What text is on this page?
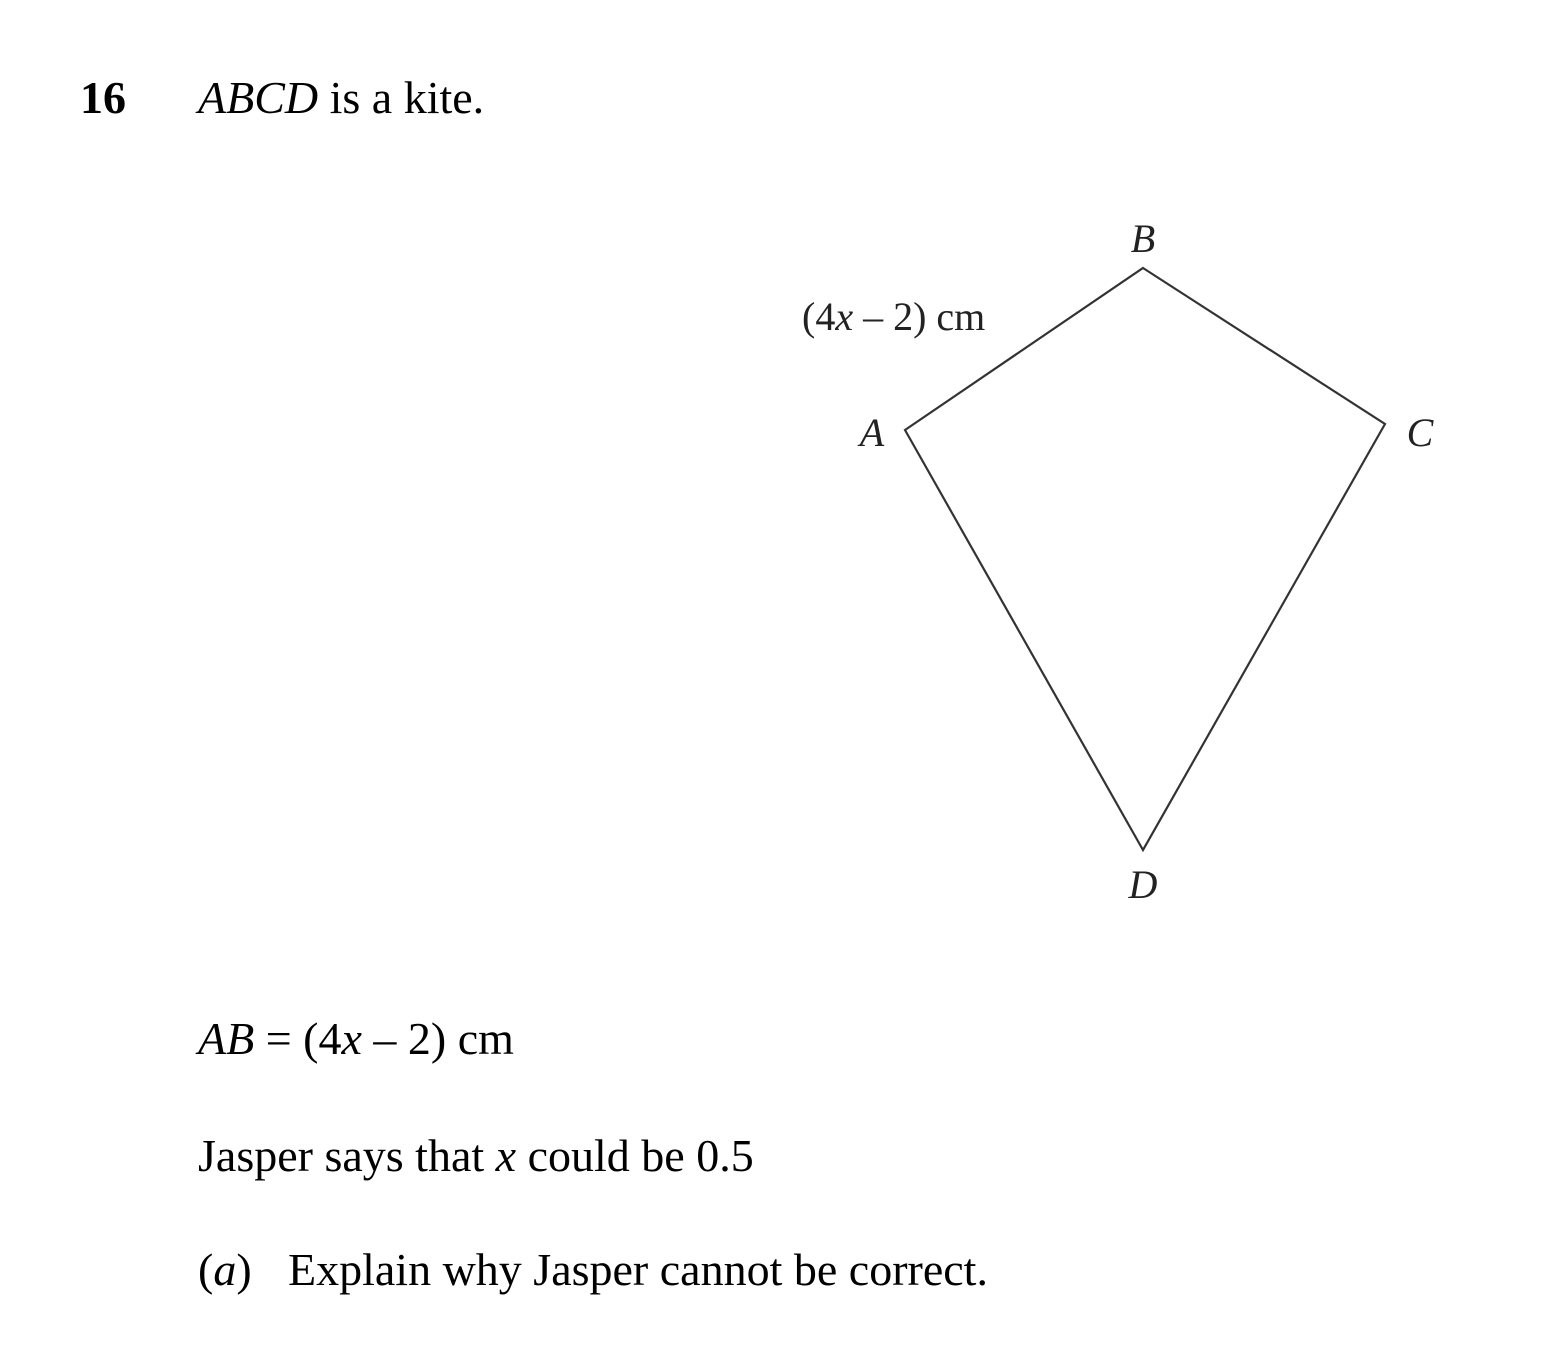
16 ABCD is a kite.
B
A	C
D
(4x – 2) cm
AB = (4x – 2) cm
Jasper says that x could be 0.5
(a) Explain why Jasper cannot be correct.
